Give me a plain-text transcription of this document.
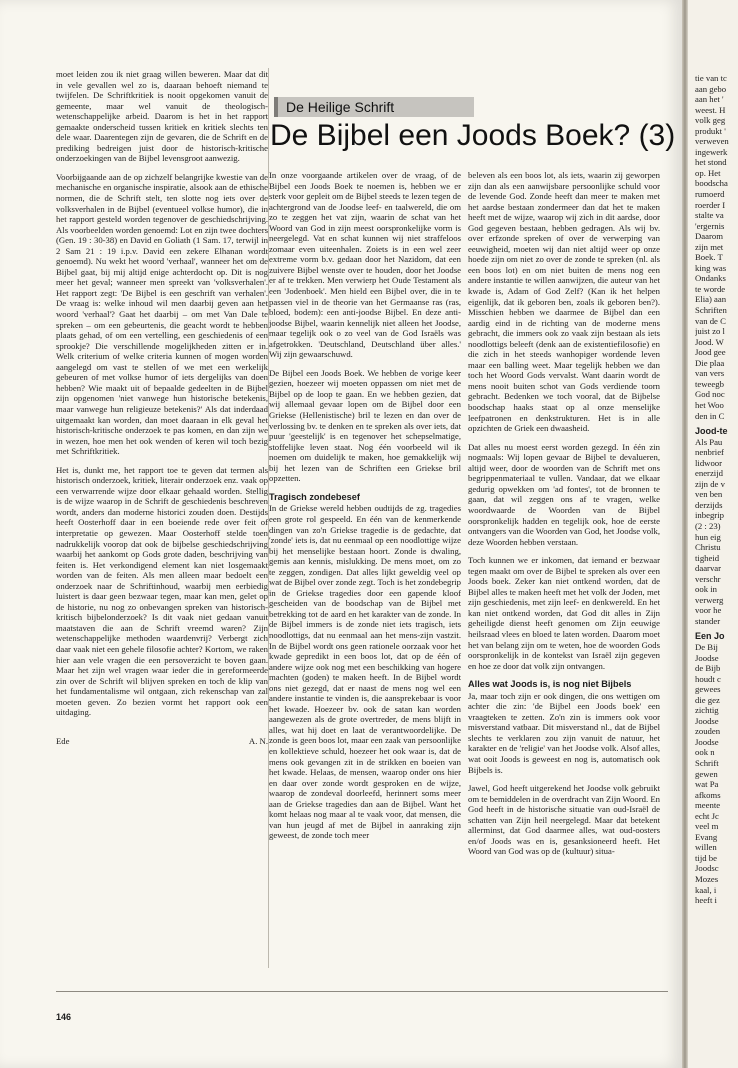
moet leiden zou ik niet graag willen beweren. Maar dat dit in vele gevallen wel zo is, daaraan behoeft niemand te twijfelen. De Schriftkritiek is nooit opgekomen vanuit de gemeente, maar wel vanuit de theologisch-wetenschappelijke arbeid. Daarom is het in het rapport gemaakte onderscheid tussen kritiek en kritiek slechts ten dele waar. Daarentegen zijn de gevaren, die de Schrift en de prediking bedreigen juist door de historisch-kritische onderzoekingen van de Bijbel levensgroot aanwezig.

Voorbijgaande aan de op zichzelf belangrijke kwestie van de mechanische en organische inspiratie, alsook aan de ethische normen, die de Schrift stelt, ten slotte nog iets over de volksverhalen in de Bijbel (eventueel volkse humor), die in het rapport gesteld worden tegenover de geschiedschrijving. Als voorbeelden worden genoemd: Lot en zijn twee dochters (Gen. 19 : 30-38) en David en Goliath (1 Sam. 17, terwijl in 2 Sam 21 : 19 i.p.v. David een zekere Elhanan wordt genoemd). Nu wekt het woord 'verhaal', wanneer het om de Bijbel gaat, bij mij altijd enige achterdocht op. Dit is nog meer het geval; wanneer men spreekt van 'volksverhalen'. Het rapport zegt: 'De Bijbel is een geschrift van verhalen'. De vraag is: welke inhoud wil men daarbij geven aan het woord 'verhaal'? Gaat het daarbij – om met Van Dale te spreken – om een gebeurtenis, die geacht wordt te hebben plaats gehad, of om een vertelling, een geschiedenis of een sprookje? Die verschillende mogelijkheden zitten er in. Welk criterium of welke criteria kunnen of mogen worden aangelegd om vast te stellen of we met een werkelijk gebeuren of met volkse humor of iets dergelijks van doen hebben? Wie maakt uit of bepaalde gedeelten in de Bijbel zijn opgenomen 'niet vanwege hun historische betekenis, maar vanwege hun religieuze betekenis?' Als dat inderdaad uitgemaakt kan worden, dan moet daaraan in elk geval het historisch-kritische onderzoek te pas komen, en dan zijn we in wezen, hoe men het ook wenden of keren wil toch bezig met Schriftkritiek.

Het is, dunkt me, het rapport toe te geven dat termen als historisch onderzoek, kritiek, literair onderzoek enz. vaak op een verwarrende wijze door elkaar gehaald worden. Stellig is de wijze waarop in de Schrift de geschiedenis beschreven wordt, anders dan moderne historici zouden doen. Destijds heeft Oosterhoff daar in een boeiende rede over feit of interpretatie op gewezen. Maar Oosterhoff stelde toen nadrukkelijk voorop dat ook de bijbelse geschiedschrijving waarbij het aankomt op Gods grote daden, beschrijving van feiten is. Het verkondigend element kan niet losgemaakt worden van de feiten. Als men alleen maar bedoelt een onderzoek naar de Schriftinhoud, waarbij men eerbiedig luistert is daar geen bezwaar tegen, maar kan men, gelet op de historie, nu nog zo onbevangen spreken van historisch-kritisch bijbelonderzoek? Is dit vaak niet gedaan vanuit maatstaven die aan de Schrift vreemd waren? Zijn wetenschappelijke methoden waardenvrij? Verbergt zich daar vaak niet een gehele filosofie achter? Kortom, we raken hier aan vele vragen die een persoverzicht te boven gaan. Maar het zijn wel vragen waar ieder die in gereformeerde zin over de Schrift wil blijven spreken en toch de klip van het fundamentalisme wil ontgaan, zich rekenschap van zal moeten geven. Zo bezien vormt het rapport ook een uitdaging.

Ede	A. N.
De Heilige Schrift
De Bijbel een Joods Boek? (3)

In onze voorgaande artikelen over de vraag, of de Bijbel een Joods Boek te noemen is, hebben we er sterk voor gepleit om de Bijbel steeds te lezen tegen de achtergrond van de Joodse leef- en taalwereld, die om zo te zeggen het vat zijn, waarin de schat van het Woord van God in zijn meest oorspronkelijke vorm is neergelegd. Vat en schat kunnen wij niet straffeloos zomaar even uiteenhalen. Zoiets is in een wel zeer extreme vorm b.v. gedaan door het Nazidom, dat een zuivere Bijbel wenste over te houden, door het Joodse er af te trekken. Men verwierp het Oude Testament als een 'Jodenboek'. Men hield een Bijbel over, die in te passen viel in de theorie van het Germaanse ras (ras, bloed, bodem): een anti-joodse Bijbel. En deze anti-joodse Bijbel, waarin kennelijk niet alleen het Joodse, maar tegelijk ook o zo veel van de God Israëls was afgetrokken. 'Deutschland, Deutschland über alles.' Wij zijn gewaarschuwd.

De Bijbel een Joods Boek. We hebben de vorige keer gezien, hoezeer wij moeten oppassen om niet met de Bijbel op de loop te gaan. En we hebben gezien, dat wij allemaal gevaar lopen om de Bijbel door een Griekse (Hellenistische) bril te lezen en dan over de verlossing bv. te denken en te spreken als over iets, dat puur 'geestelijk' is en tegenover het schepselmatige, stoffelijke leven staat. Nog één voorbeeld wil ik noemen om duidelijk te maken, hoe gemakkelijk wij bij het lezen van de Schriften een Griekse bril opzetten.

Tragisch zondebesef

In de Griekse wereld hebben oudtijds de zg. tragedies een grote rol gespeeld. En één van de kenmerkende dingen van zo'n Griekse tragedie is de gedachte, dat 'zonde' iets is, dat nu eenmaal op een noodlottige wijze bij het menselijke bestaan hoort. Zonde is dwaling, gemis aan kennis, mislukking. De mens moet, om zo te zeggen, zondigen. Dat alles lijkt geweldig veel op wat de Bijbel over zonde zegt. Toch is het zondebegrip in de Griekse tragedies door een gapende kloof gescheiden van de boodschap van de Bijbel met betrekking tot de aard en het karakter van de zonde. In de Bijbel immers is de zonde niet iets tragisch, iets noodlottigs, dat nu eenmaal aan het mens-zijn vastzit. In de Bijbel wordt ons geen rationele oorzaak voor het kwade gepredikt in een boos lot, dat op de één of andere wijze ook nog met een beschikking van hogere machten (goden) te maken heeft. In de Bijbel wordt ons niet gezegd, dat er naast de mens nog wel een andere instantie te vinden is, die aansprekebaar is voor het kwade. Hoezeer bv. ook de satan kan worden aangewezen als de grote overtreder, de mens blijft in alles, wat hij doet en laat de verantwoordelijke. De zonde is geen boos lot, maar een zaak van persoonlijke en kollektieve schuld, hoezeer het ook waar is, dat de mens ook gevangen zit in de strikken en boeien van het kwade. Helaas, de mensen, waarop onder ons hier en daar over zonde wordt gesproken en de wijze, waarop de zondeval doorleefd, herinnert soms meer aan de Griekse tragedies dan aan de Bijbel. Want het komt helaas nog maar al te vaak voor, dat mensen, die van hun jeugd af met de Bijbel in aanraking zijn geweest, de zonde toch meer

beleven als een boos lot, als iets, waarin zij geworpen zijn dan als een aanwijsbare persoonlijke schuld voor de levende God. Zonde heeft dan meer te maken met het aardse bestaan zondermeer dan dat het te maken heeft met de wijze, waarop wij zich in dit aardse, door God gegeven bestaan, hebben gedragen. Als wij bv. over erfzonde spreken of over de verwerping van eeuwigheid, moeten wij dan niet altijd weer op onze hoede zijn om niet zo over de zonde te spreken (nl. als een boos lot) en om niet buiten de mens nog een andere instantie te willen aanwijzen, die auteur van het kwade is, Adam of God Zelf? (Kan ik het helpen eigenlijk, dat ik geboren ben, zoals ik geboren ben?). Misschien hebben we daarmee de Bijbel dan een aardig eind in de richting van de moderne mens gebracht, die immers ook zo vaak zijn bestaan als iets noodlottigs beleeft (denk aan de existentiefilosofie) en die zich in het steeds wanhopiger wordende leven maar een balling weet. Maar tegelijk hebben we dan toch het Woord Gods vervalst. Want daarin wordt de mens nooit buiten schot van Gods verdiende toorn gebracht. Bedenken we toch vooral, dat de Bijbelse boodschap haaks staat op al onze menselijke leefpatronen en denkstrukturen. Het is in alle opzichten de Griek een dwaasheid.

Dat alles nu moest eerst worden gezegd. In één zin nogmaals: Wij lopen gevaar de Bijbel te devalueren, altijd weer, door de woorden van de Schrift met ons begrippenmateriaal te vullen. Vandaar, dat we elkaar gedurig opwekken om 'ad fontes', tot de bronnen te gaan, dat wil zeggen ons af te vragen, welke woordwaarde de Woorden van de Bijbel oorspronkelijk hadden en tegelijk ook, hoe de eerste ontvangers van die Woorden van God, het Joodse volk, deze Woorden hebben verstaan.

Toch kunnen we er inkomen, dat iemand er bezwaar tegen maakt om over de Bijbel te spreken als over een Joods boek. Zeker kan niet ontkend worden, dat de Bijbel alles te maken heeft met het volk der Joden, met zijn geschiedenis, met zijn leef- en denkwereld. En het kan niet ontkend worden, dat God dit alles in Zijn geheiligde dienst heeft genomen om Zijn eeuwige heilsraad vlees en bloed te laten worden. Daarom moet het van belang zijn om te weten, hoe de woorden Gods oorspronkelijk in de kontekst van Israël zijn gegeven en hoe ze door dat volk zijn ontvangen.

Alles wat Joods is, is nog niet Bijbels

Ja, maar toch zijn er ook dingen, die ons wettigen om achter die zin: 'de Bijbel een Joods boek' een vraagteken te zetten. Zo'n zin is immers ook voor misverstand vatbaar. Dit misverstand nl., dat de Bijbel slechts te verklaren zou zijn vanuit de natuur, het karakter en de 'religie' van het Joodse volk. Alsof alles, wat ooit Joods is geweest en nog is, automatisch ook Bijbels is.

Jawel, God heeft uitgerekend het Joodse volk gebruikt om te bemiddelen in de overdracht van Zijn Woord. En God heeft in de historische situatie van oud-Israël de schatten van Zijn heil neergelegd. Maar dat betekent allerminst, dat God daarmee alles, wat oud-oosters en/of Joods was en is, gesanksioneerd heeft. Het Woord van God was op de (kultuur) situa-

146
tie van tc
aan gebo
aan het '
weest. H
volk geg
produkt '
verweven
ingewerk
het stond
op. Het
boodscha
rumoerd
roerder I
stalte va
'ergernis
Daarom
zijn met
Boek. T
king was
Ondanks
te worde
Elia) aan
Schriften
van de C
juist zo l
Jood. W
Jood gee
Die plaa
van vers
teweegb
God noc
het Woo
den in C
Jood-te
Als Pau
nenbrief
lidwoor
enerzijd
zijn de v
ven ben
derzijds
inbegrip
(2 : 23)
hun eig
Christu
tigheid
daarvar
verschr
ook in
verwerg
voor he
stander
Een Jo
De Bij
Joodse
de Bijb
houdt c
gewees
die gez
zichtig
Joodse
zouden
Joodse
ook n
Schrift
gewen
wat Pa
afkoms
meente
echt Jc
veel m
Evang
willen
tijd be
Joodsc
Mozes
kaal, i
heeft i
